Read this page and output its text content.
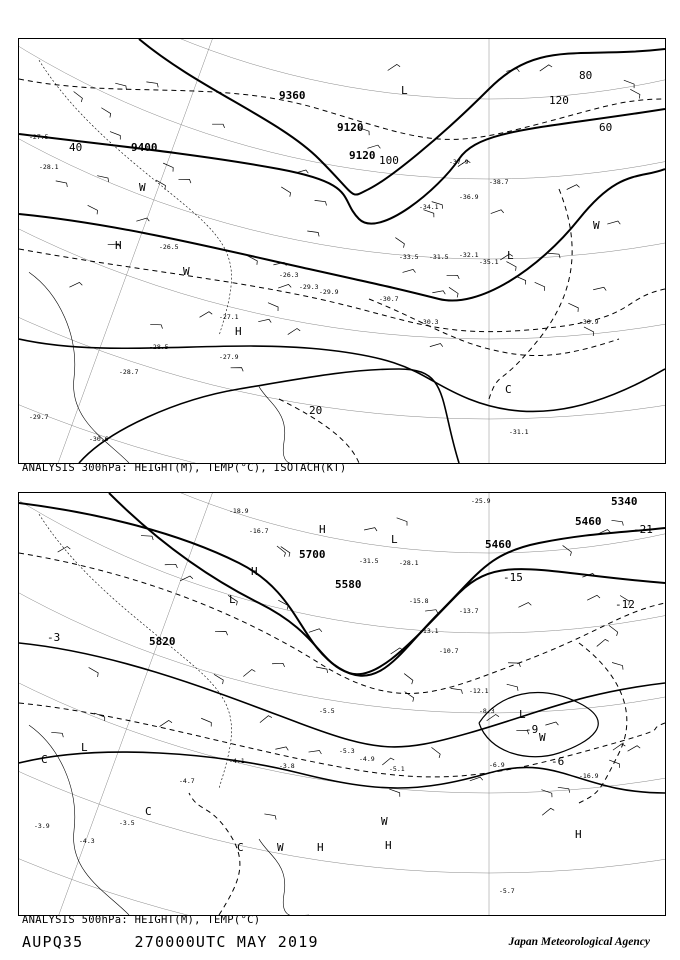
9360
9400
9120
9120
20
40
60
80
100
120
L
L
H
H
W
W
C
W
-27.5
-28.1
-29.3
-30.7
-31.5 -32.1
-33.5
-35.1
-37.9
-30.9
-31.1
-28.7
-26.5
-27.9
-29.7
-30.6
-34.1
-36.9
-38.7
-29.9
-30.3
-27.1
-26.3
-28.5
ANALYSIS 300hPa: HEIGHT(M), TEMP(°C), ISOTACH(KT)
5700
5580
5460
5340
5460
5820
-21
-15
-12
-9
-6
-3
L
L
L
L
H
H	H
H
H
C
C
C	W
W
W
-25.9
-31.5	-28.1
-18.9
-16.7
-15.8
-13.1
-10.7
-12.1
-13.7
-16.9
-6.9
-8.3
-5.7
-4.9
-3.9
-4.3
-5.1
-3.5
-4.7
-4.1
-3.8
-5.5
-5.3
ANALYSIS 500hPa: HEIGHT(M), TEMP(°C)
AUPQ35	270000UTC MAY 2019	Japan Meteorological Agency
